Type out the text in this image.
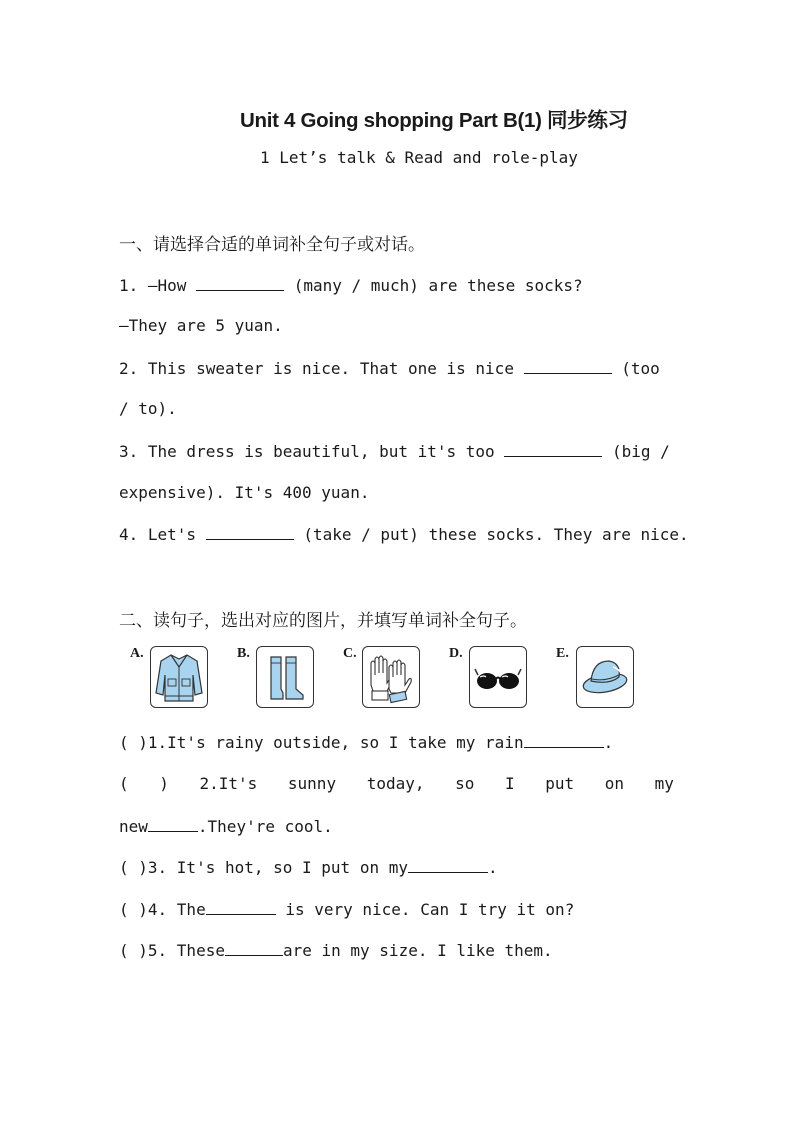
Unit 4 Going shopping Part B(1) 同步练习
1 Let’s talk & Read and role-play
一、请选择合适的单词补全句子或对话。
1. —How	(many / much) are these socks?
—They are 5 yuan.
2. This sweater is nice. That one is nice	(too
/ to).
3. The dress is beautiful, but it's too	(big /
expensive). It's 400 yuan.
4. Let's	(take / put) these socks. They are nice.
二、读句子，选出对应的图片，并填写单词补全句子。
A.	B.	C.	D.	E.
( )1.It's rainy outside, so I take my rain	.
( ) 2.It's sunny today, so I put on my
new	.They're cool.
( )3. It's hot, so I put on my	.
( )4. The	is very nice. Can I try it on?
( )5. These	are in my size. I like them.
